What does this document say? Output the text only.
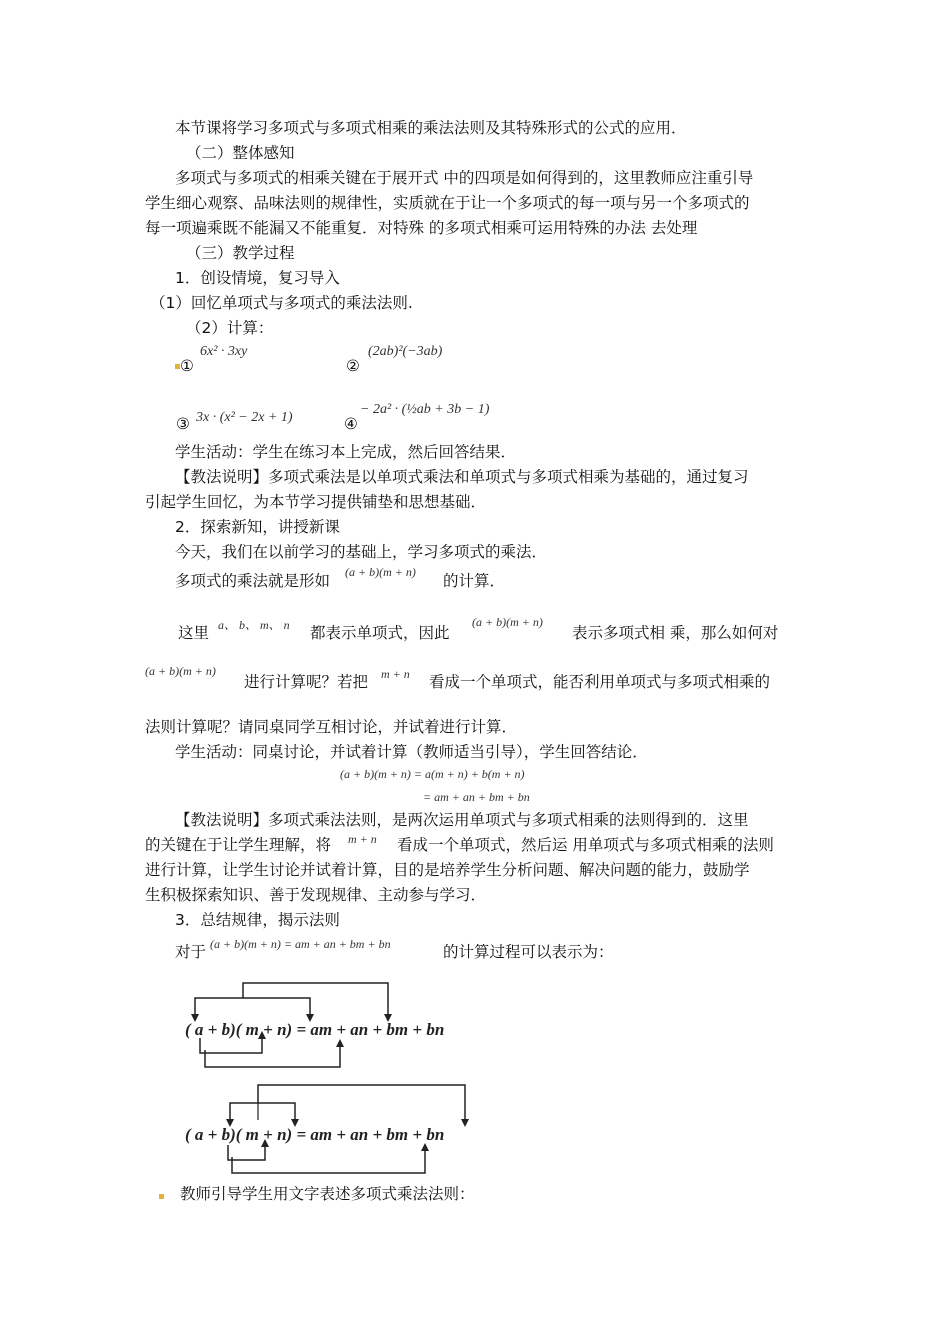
本节课将学习多项式与多项式相乘的乘法法则及其特殊形式的公式的应用．
（二）整体感知
多项式与多项式的相乘关键在于展开式 中的四项是如何得到的，这里教师应注重引导
学生细心观察、品味法则的规律性，实质就在于让一个多项式的每一项与另一个多项式的
每一项遍乘既不能漏又不能重复．对特殊 的多项式相乘可运用特殊的办法 去处理
（三）教学过程
1．创设情境，复习导入
（1）回忆单项式与多项式的乘法法则.
（2）计算：
①
6x² · 3xy
②
(2ab)²(−3ab)
③ 3x · (x² − 2x + 1)	④
− 2a² · (½ab + 3b − 1)
学生活动：学生在练习本上完成，然后回答结果．
【教法说明】多项式乘法是以单项式乘法和单项式与多项式相乘为基础的，通过复习
引起学生回忆，为本节学习提供铺垫和思想基础．
2．探索新知，讲授新课
今天，我们在以前学习的基础上，学习多项式的乘法．
多项式的乘法就是形如 (a + b)(m + n) 的计算．
这里 a、 b、 m、 n 都表示单项式，因此
(a + b)(m + n)
表示多项式相 乘，那么如何对
(a + b)(m + n)
进行计算呢？若把 m + n 看成一个单项式，能否利用单项式与多项式相乘的
法则计算呢？请同桌同学互相讨论，并试着进行计算．
学生活动：同桌讨论，并试着计算（教师适当引导），学生回答结论．
(a + b)(m + n) = a(m + n) + b(m + n)
= am + an + bm + bn
【教法说明】多项式乘法法则，是两次运用单项式与多项式相乘的法则得到的．这里
的关键在于让学生理解，将 m + n 看成一个单项式，然后运 用单项式与多项式相乘的法则
进行计算，让学生讨论并试着计算，目的是培养学生分析问题、解决问题的能力，鼓励学
生积极探索知识、善于发现规律、主动参与学习．
3．总结规律，揭示法则
对于 (a + b)(m + n) = am + an + bm + bn	的计算过程可以表示为：
( a + b)( m + n) = am + an + bm + bn
( a + b)( m + n) = am + an + bm + bn
教师引导学生用文字表述多项式乘法法则：
